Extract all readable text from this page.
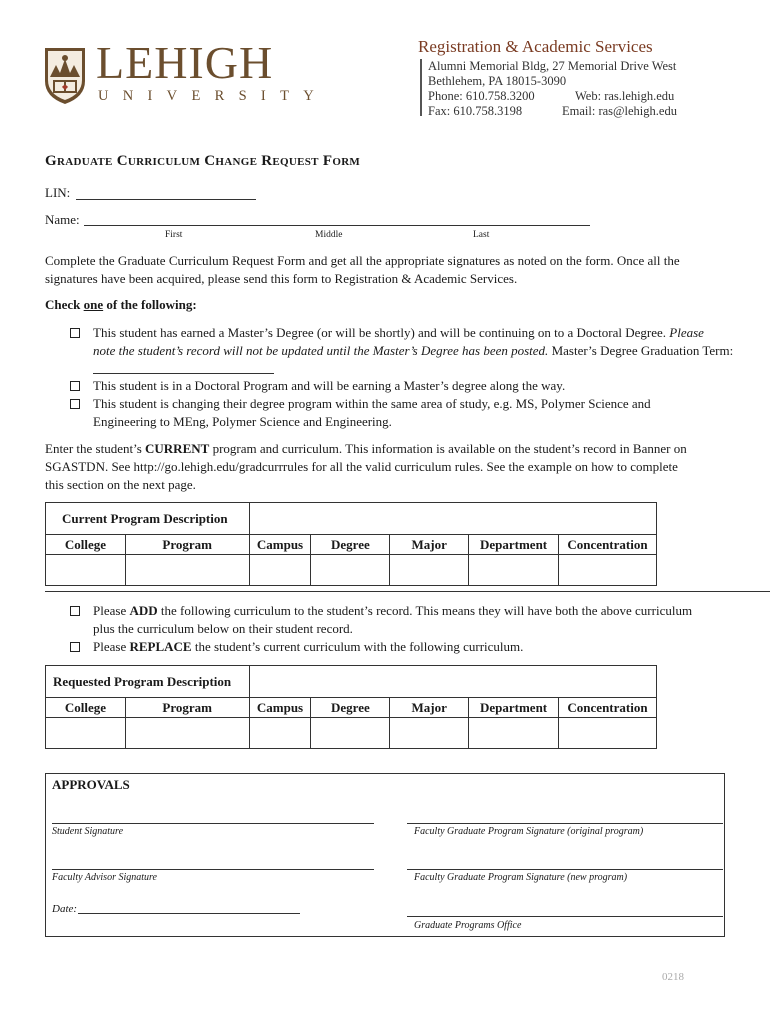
LEHIGH
UNIVERSITY
Registration & Academic Services
Alumni Memorial Bldg, 27 Memorial Drive West
Bethlehem, PA 18015-3090
Phone: 610.758.3200	Web: ras.lehigh.edu
Fax: 610.758.3198	Email: ras@lehigh.edu
Graduate Curriculum Change Request Form
LIN:
Name:
First	Middle	Last
Complete the Graduate Curriculum Request Form and get all the appropriate signatures as noted on the form. Once all the
signatures have been acquired, please send this form to Registration & Academic Services.
Check one of the following:
This student has earned a Master’s Degree (or will be shortly) and will be continuing on to a Doctoral Degree. Please
note the student’s record will not be updated until the Master’s Degree has been posted. Master’s Degree Graduation Term:
This student is in a Doctoral Program and will be earning a Master’s degree along the way.
This student is changing their degree program within the same area of study, e.g. MS, Polymer Science and
Engineering to MEng, Polymer Science and Engineering.
Enter the student’s CURRENT program and curriculum. This information is available on the student’s record in Banner on
SGASTDN. See http://go.lehigh.edu/gradcurrrules for all the valid curriculum rules. See the example on how to complete
this section on the next page.
Current Program Description						
College	Program	Campus	Degree	Major	Department	Concentration

Please ADD the following curriculum to the student’s record. This means they will have both the above curriculum
plus the curriculum below on their student record.
Please REPLACE the student’s current curriculum with the following curriculum.
Requested Program Description						
College	Program	Campus	Degree	Major	Department	Concentration

APPROVALS
Student Signature	Faculty Graduate Program Signature (original program)
Faculty Advisor Signature	Faculty Graduate Program Signature (new program)
Date:
Graduate Programs Office
0218
